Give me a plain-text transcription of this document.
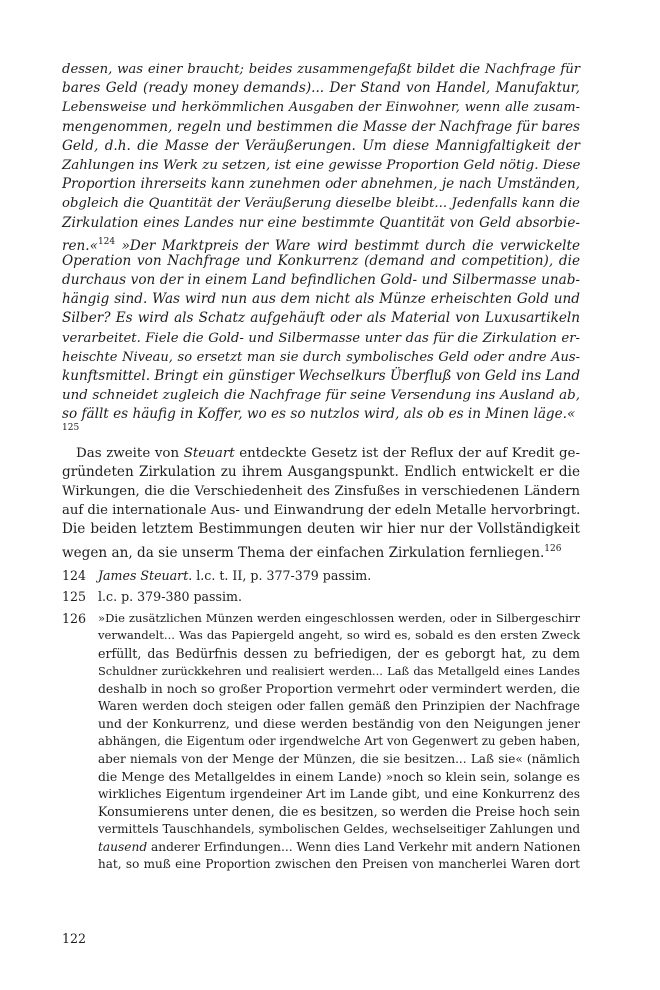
dessen, was einer braucht; beides zusammengefaßt bildet die Nachfrage für
bares Geld (ready money demands)... Der Stand von Handel, Manufaktur,
Lebensweise und herkömmlichen Ausgaben der Einwohner, wenn alle zusam-
mengenommen, regeln und bestimmen die Masse der Nachfrage für bares
Geld, d.h. die Masse der Veräußerungen. Um diese Mannigfaltigkeit der
Zahlungen ins Werk zu setzen, ist eine gewisse Proportion Geld nötig. Diese
Proportion ihrerseits kann zunehmen oder abnehmen, je nach Umständen,
obgleich die Quantität der Veräußerung dieselbe bleibt... Jedenfalls kann die
Zirkulation eines Landes nur eine bestimmte Quantität von Geld absorbie-
ren.«$^{124}$ »Der Marktpreis der Ware wird bestimmt durch die verwickelte
Operation von Nachfrage und Konkurrenz (demand and competition), die
durchaus von der in einem Land befindlichen Gold- und Silbermasse unab-
hängig sind. Was wird nun aus dem nicht als Münze erheischten Gold und
Silber? Es wird als Schatz aufgehäuft oder als Material von Luxusartikeln
verarbeitet. Fiele die Gold- und Silbermasse unter das für die Zirkulation er-
heischte Niveau, so ersetzt man sie durch symbolisches Geld oder andre Aus-
kunftsmittel. Bringt ein günstiger Wechselkurs Überfluß von Geld ins Land
und schneidet zugleich die Nachfrage für seine Versendung ins Ausland ab,
so fällt es häufig in Koffer, wo es so nutzlos wird, als ob es in Minen läge.«
125
Das zweite von Steuart entdeckte Gesetz ist der Reflux der auf Kredit ge-
gründeten Zirkulation zu ihrem Ausgangspunkt. Endlich entwickelt er die
Wirkungen, die die Verschiedenheit des Zinsfußes in verschiedenen Ländern
auf die internationale Aus- und Einwandrung der edeln Metalle hervorbringt.
Die beiden letztem Bestimmungen deuten wir hier nur der Vollständigkeit
wegen an, da sie unserm Thema der einfachen Zirkulation fernliegen.$^{126}$
124 James Steuart. l.c. t. II, p. 377-379 passim.
125 l.c. p. 379-380 passim.
126 »Die zusätzlichen Münzen werden eingeschlossen werden, oder in Silbergeschirr
verwandelt... Was das Papiergeld angeht, so wird es, sobald es den ersten Zweck
erfüllt, das Bedürfnis dessen zu befriedigen, der es geborgt hat, zu dem
Schuldner zurückkehren und realisiert werden... Laß das Metallgeld eines Landes
deshalb in noch so großer Proportion vermehrt oder vermindert werden, die
Waren werden doch steigen oder fallen gemäß den Prinzipien der Nachfrage
und der Konkurrenz, und diese werden beständig von den Neigungen jener
abhängen, die Eigentum oder irgendwelche Art von Gegenwert zu geben haben,
aber niemals von der Menge der Münzen, die sie besitzen... Laß sie« (nämlich
die Menge des Metallgeldes in einem Lande) »noch so klein sein, solange es
wirkliches Eigentum irgendeiner Art im Lande gibt, und eine Konkurrenz des
Konsumierens unter denen, die es besitzen, so werden die Preise hoch sein
vermittels Tauschhandels, symbolischen Geldes, wechselseitiger Zahlungen und
tausend anderer Erfindungen... Wenn dies Land Verkehr mit andern Nationen
hat, so muß eine Proportion zwischen den Preisen von mancherlei Waren dort
122
